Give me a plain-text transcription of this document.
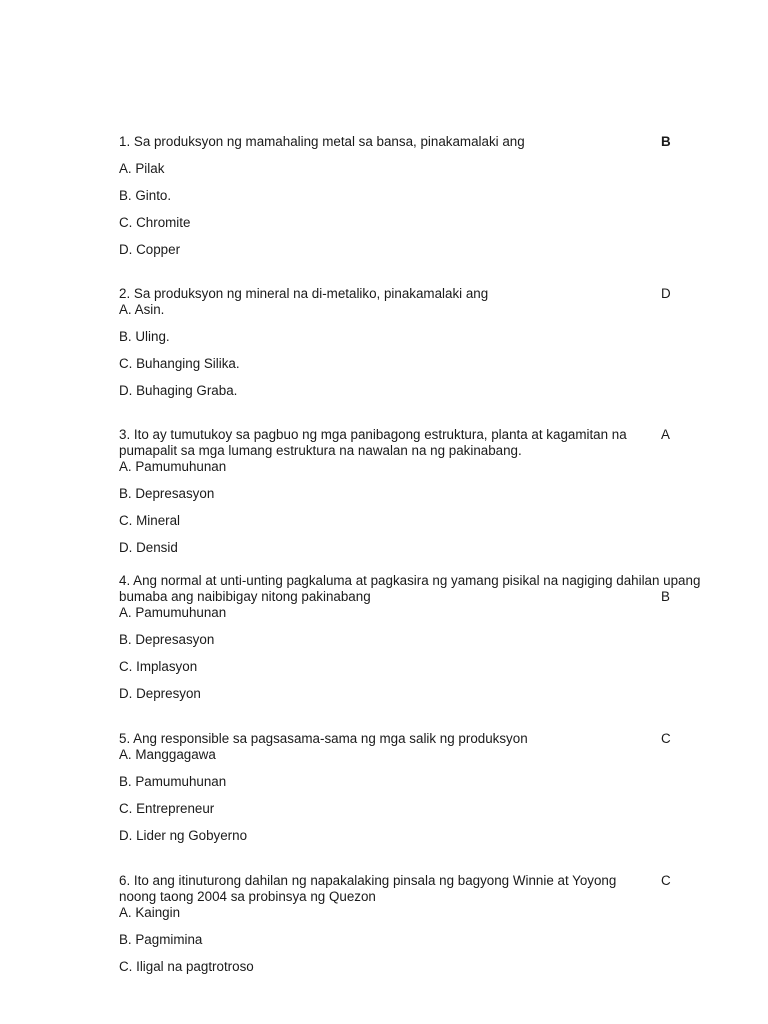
1. Sa produksyon ng mamahaling metal sa bansa, pinakamalaki ang	B
A. Pilak
B. Ginto.
C. Chromite
D. Copper
2. Sa produksyon ng mineral na di-metaliko, pinakamalaki ang	D
A. Asin.
B. Uling.
C. Buhanging Silika.
D. Buhaging Graba.
3. Ito ay tumutukoy sa pagbuo ng mga panibagong estruktura, planta at kagamitan na pumapalit sa mga lumang estruktura na nawalan na ng pakinabang.
A
A. Pamumuhunan
B. Depresasyon
C. Mineral
D. Densid
4. Ang normal at unti-unting pagkaluma at pagkasira ng yamang pisikal na nagiging dahilan upang
bumaba ang naibibigay nitong pakinabang	B
A. Pamumuhunan
B. Depresasyon
C. Implasyon
D. Depresyon
5. Ang responsible sa pagsasama-sama ng mga salik ng produksyon	C
A. Manggagawa
B. Pamumuhunan
C. Entrepreneur
D. Lider ng Gobyerno
6. Ito ang itinuturong dahilan ng napakalaking pinsala ng bagyong Winnie at Yoyong noong taong 2004 sa probinsya ng Quezon
C
A. Kaingin
B. Pagmimina
C. Iligal na pagtrotroso
